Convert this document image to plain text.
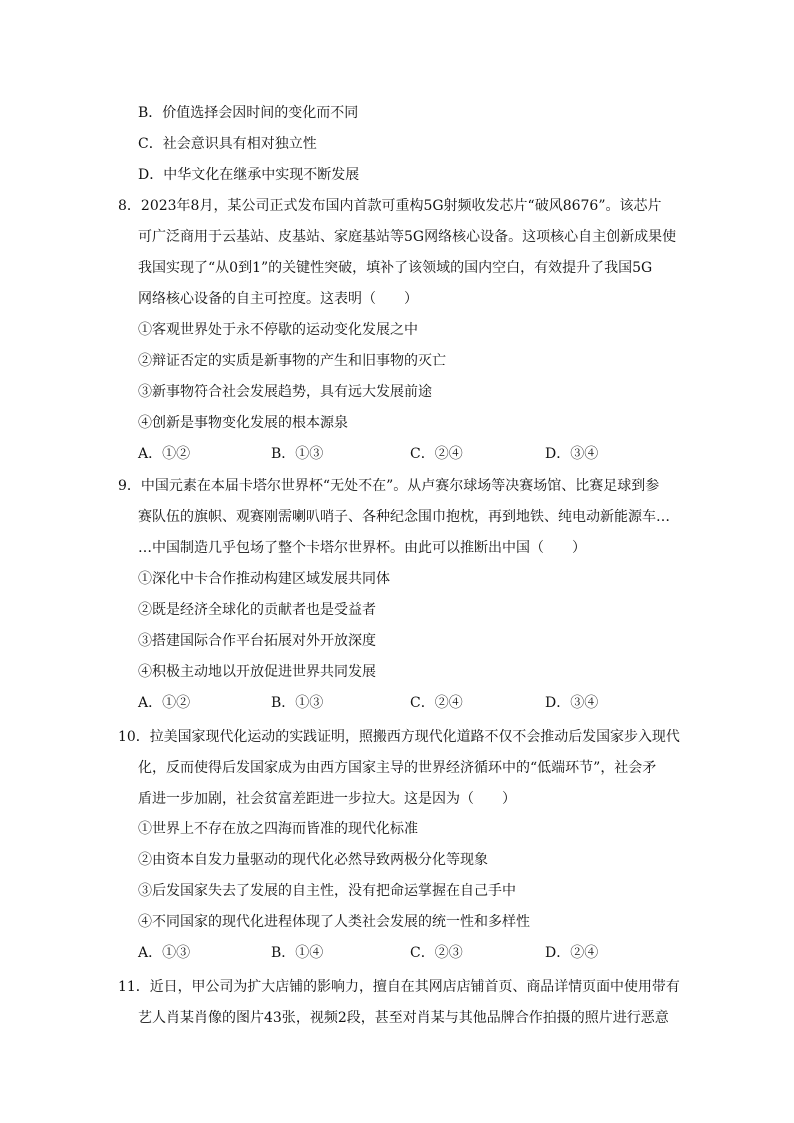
B．价值选择会因时间的变化而不同
C．社会意识具有相对独立性
D．中华文化在继承中实现不断发展
8．2023年8月，某公司正式发布国内首款可重构5G射频收发芯片“破风8676”。该芯片
可广泛商用于云基站、皮基站、家庭基站等5G网络核心设备。这项核心自主创新成果使
我国实现了“从0到1”的关键性突破，填补了该领域的国内空白，有效提升了我国5G
网络核心设备的自主可控度。这表明（　　）
①客观世界处于永不停歇的运动变化发展之中
②辩证否定的实质是新事物的产生和旧事物的灭亡
③新事物符合社会发展趋势，具有远大发展前途
④创新是事物变化发展的根本源泉
A．①②	B．①③	C．②④	D．③④
9．中国元素在本届卡塔尔世界杯“无处不在”。从卢赛尔球场等决赛场馆、比赛足球到参
赛队伍的旗帜、观赛刚需喇叭哨子、各种纪念围巾抱枕，再到地铁、纯电动新能源车…
…中国制造几乎包场了整个卡塔尔世界杯。由此可以推断出中国（　　）
①深化中卡合作推动构建区域发展共同体
②既是经济全球化的贡献者也是受益者
③搭建国际合作平台拓展对外开放深度
④积极主动地以开放促进世界共同发展
A．①②	B．①③	C．②④	D．③④
10．拉美国家现代化运动的实践证明，照搬西方现代化道路不仅不会推动后发国家步入现代
化，反而使得后发国家成为由西方国家主导的世界经济循环中的“低端环节”，社会矛
盾进一步加剧，社会贫富差距进一步拉大。这是因为（　　）
①世界上不存在放之四海而皆准的现代化标准
②由资本自发力量驱动的现代化必然导致两极分化等现象
③后发国家失去了发展的自主性，没有把命运掌握在自己手中
④不同国家的现代化进程体现了人类社会发展的统一性和多样性
A．①③	B．①④	C．②③	D．②④
11．近日，甲公司为扩大店铺的影响力，擅自在其网店店铺首页、商品详情页面中使用带有
艺人肖某肖像的图片43张，视频2段，甚至对肖某与其他品牌合作拍摄的照片进行恶意
